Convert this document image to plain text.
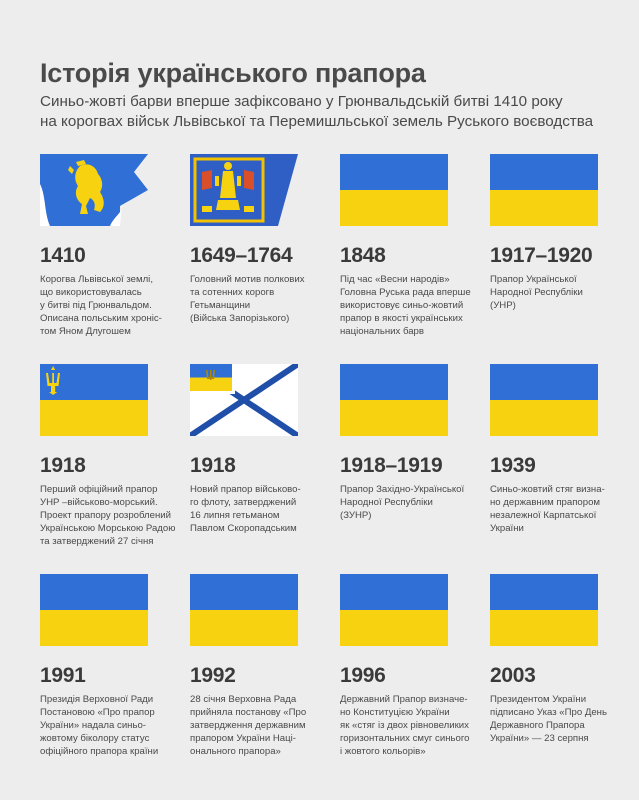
Історія українського прапора
Синьо-жовті барви вперше зафіксовано у Грюнвальдській битві 1410 року
на корогвах військ Львівської та Перемишльської земель Руського воєводства
1410
Корогва Львівської землі,
що використовувалась
у битві під Грюнвальдом.
Описана польським хроніс-
том Яном Длугошем
1649–1764
Головний мотив полкових
та сотенних корогв
Гетьманщини
(Війська Запорізького)
1848
Під час «Весни народів»
Головна Руська рада вперше
використовує синьо-жовтий
прапор в якості українських
національних барв
1917–1920
Прапор Української
Народної Республіки
(УНР)
1918
Перший офіційний прапор
УНР –військово-морський.
Проект прапору розроблений
Українською Морською Радою
та затверджений 27 січня
1918
Новий прапор військово-
го флоту, затверджений
16 липня гетьманом
Павлом Скоропадським
1918–1919
Прапор Західно-Української
Народної Республіки
(ЗУНР)
1939
Синьо-жовтий стяг визна-
но державним прапором
незалежної Карпатської
України
1991
Президія Верховної Ради
Постановою «Про прапор
України» надала синьо-
жовтому біколору статус
офіційного прапора країни
1992
28 січня Верховна Рада
прийняла постанову «Про
затвердження державним
прапором України Наці-
онального прапора»
1996
Державний Прапор визначе-
но Конституцією України
як «стяг із двох рівновеликих
горизонтальних смуг синього
і жовтого кольорів»
2003
Президентом України
підписано Указ «Про День
Державного Прапора
України» — 23 серпня
